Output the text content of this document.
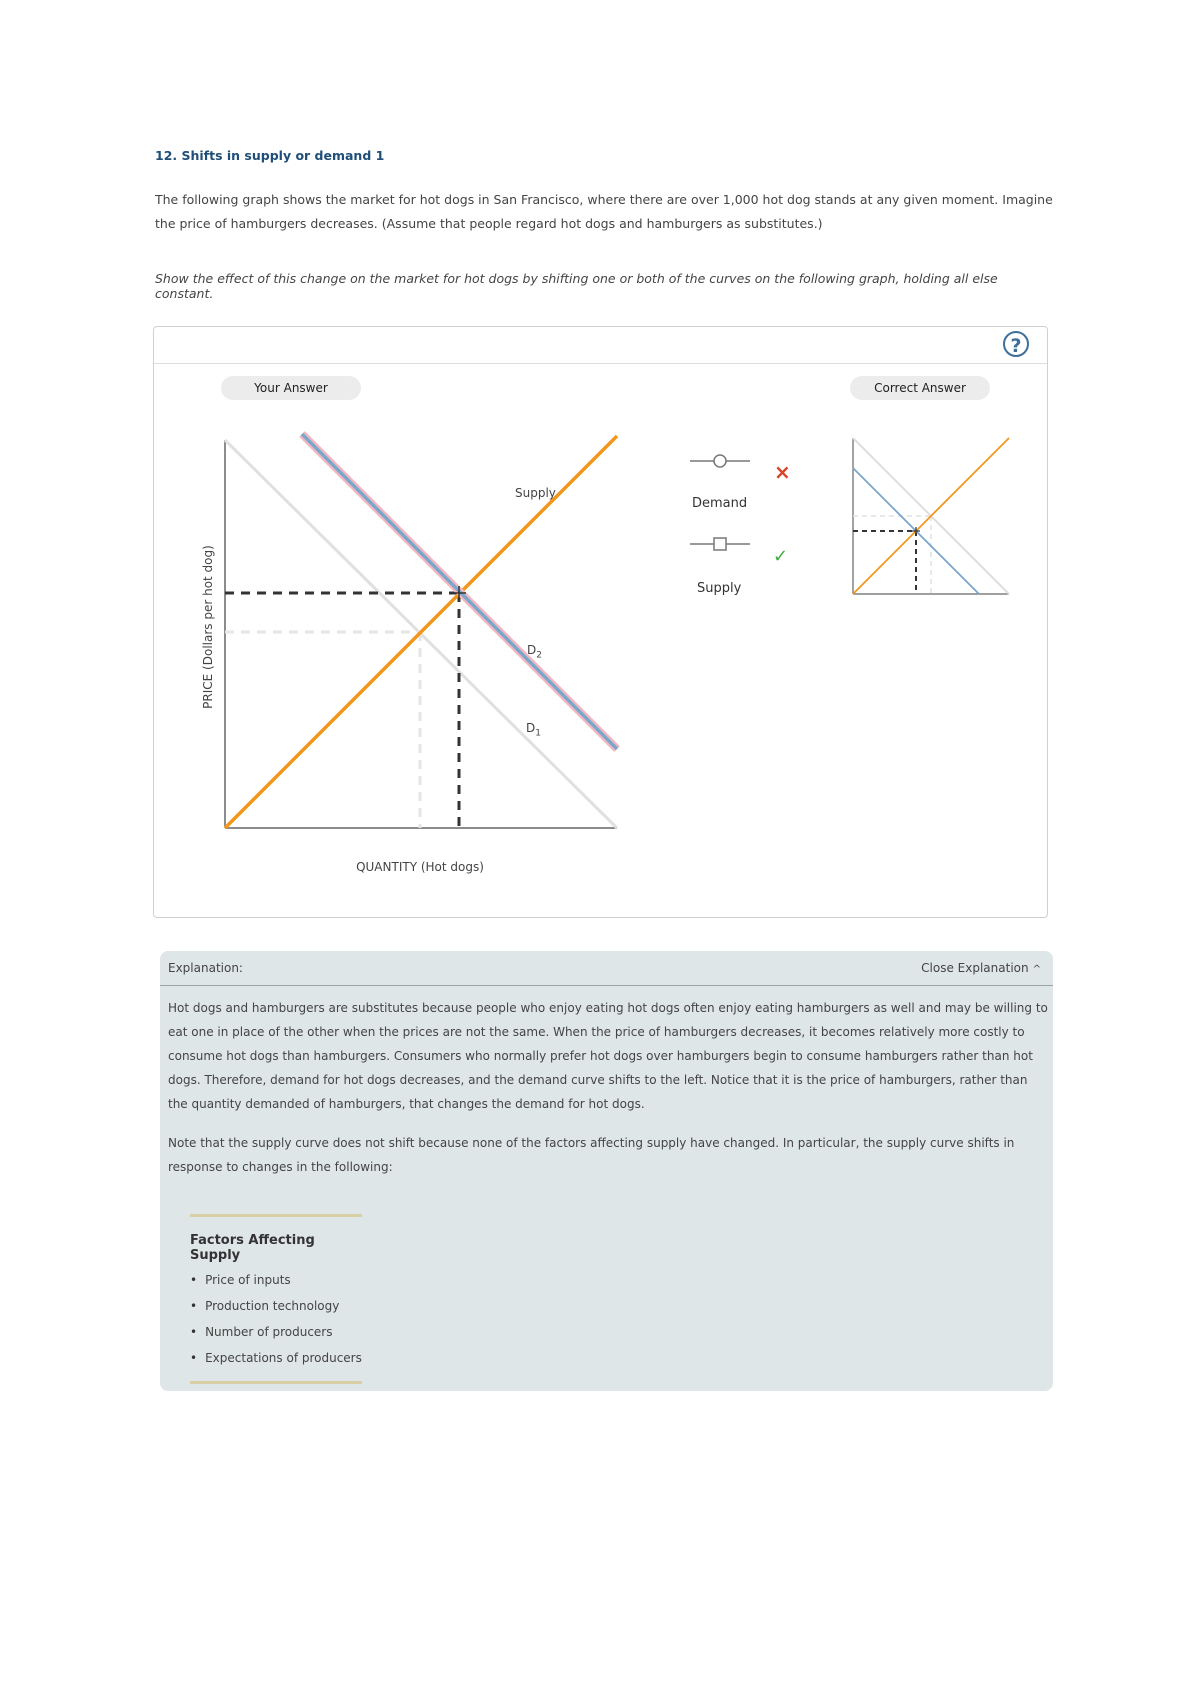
12. Shifts in supply or demand 1
The following graph shows the market for hot dogs in San Francisco, where there are over 1,000 hot dog stands at any given moment. Imagine the price of hamburgers decreases. (Assume that people regard hot dogs and hamburgers as substitutes.)
Show the effect of this change on the market for hot dogs by shifting one or both of the curves on the following graph, holding all else constant.
?
Your Answer	Correct Answer
PRICE (Dollars per hot dog)
QUANTITY (Hot dogs)
Supply
$D_2$
$D_1$
Demand
Supply
×
✓
Explanation:	Close Explanation ^
Hot dogs and hamburgers are substitutes because people who enjoy eating hot dogs often enjoy eating hamburgers as well and may be willing to eat one in place of the other when the prices are not the same. When the price of hamburgers decreases, it becomes relatively more costly to consume hot dogs than hamburgers. Consumers who normally prefer hot dogs over hamburgers begin to consume hamburgers rather than hot dogs. Therefore, demand for hot dogs decreases, and the demand curve shifts to the left. Notice that it is the price of hamburgers, rather than the quantity demanded of hamburgers, that changes the demand for hot dogs.
Note that the supply curve does not shift because none of the factors affecting supply have changed. In particular, the supply curve shifts in response to changes in the following:
Factors Affecting Supply
• Price of inputs
• Production technology
• Number of producers
• Expectations of producers
